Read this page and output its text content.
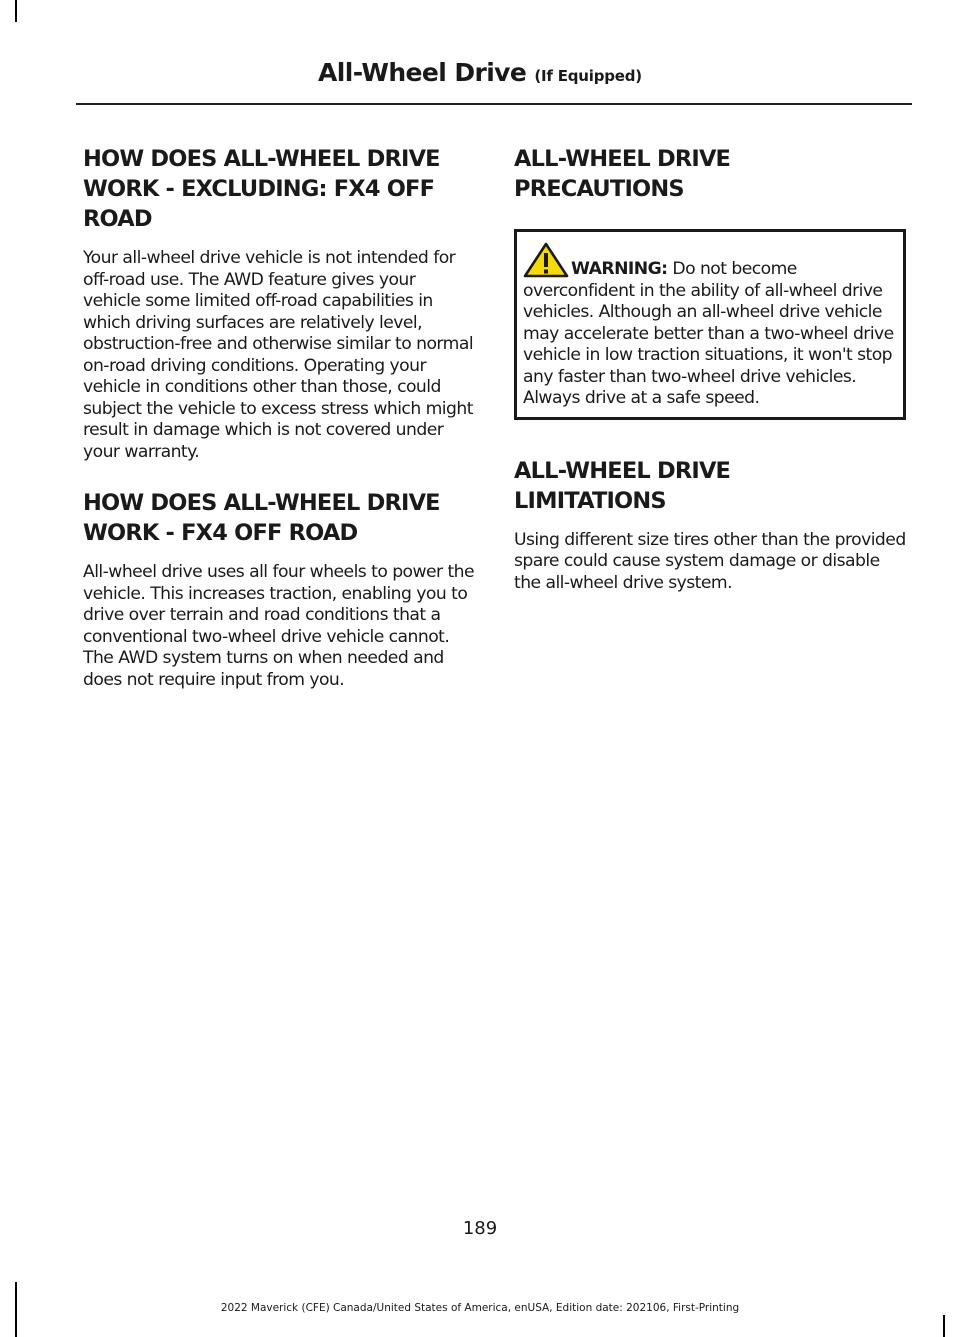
All-Wheel Drive (If Equipped)
HOW DOES ALL-WHEEL DRIVE
WORK - EXCLUDING: FX4 OFF
ROAD

Your all-wheel drive vehicle is not intended for off-road use. The AWD feature gives your vehicle some limited off-road capabilities in which driving surfaces are relatively level, obstruction-free and otherwise similar to normal on-road driving conditions. Operating your vehicle in conditions other than those, could subject the vehicle to excess stress which might result in damage which is not covered under your warranty.

HOW DOES ALL-WHEEL DRIVE
WORK - FX4 OFF ROAD

All-wheel drive uses all four wheels to power the vehicle. This increases traction, enabling you to drive over terrain and road conditions that a conventional two-wheel drive vehicle cannot. The AWD system turns on when needed and does not require input from you.

ALL-WHEEL DRIVE
PRECAUTIONS
WARNING: Do not become overconfident in the ability of all-wheel drive vehicles. Although an all-wheel drive vehicle may accelerate better than a two-wheel drive vehicle in low traction situations, it won't stop any faster than two-wheel drive vehicles. Always drive at a safe speed.
ALL-WHEEL DRIVE
LIMITATIONS

Using different size tires other than the provided spare could cause system damage or disable the all-wheel drive system.

189
2022 Maverick (CFE) Canada/United States of America, enUSA, Edition date: 202106, First-Printing
